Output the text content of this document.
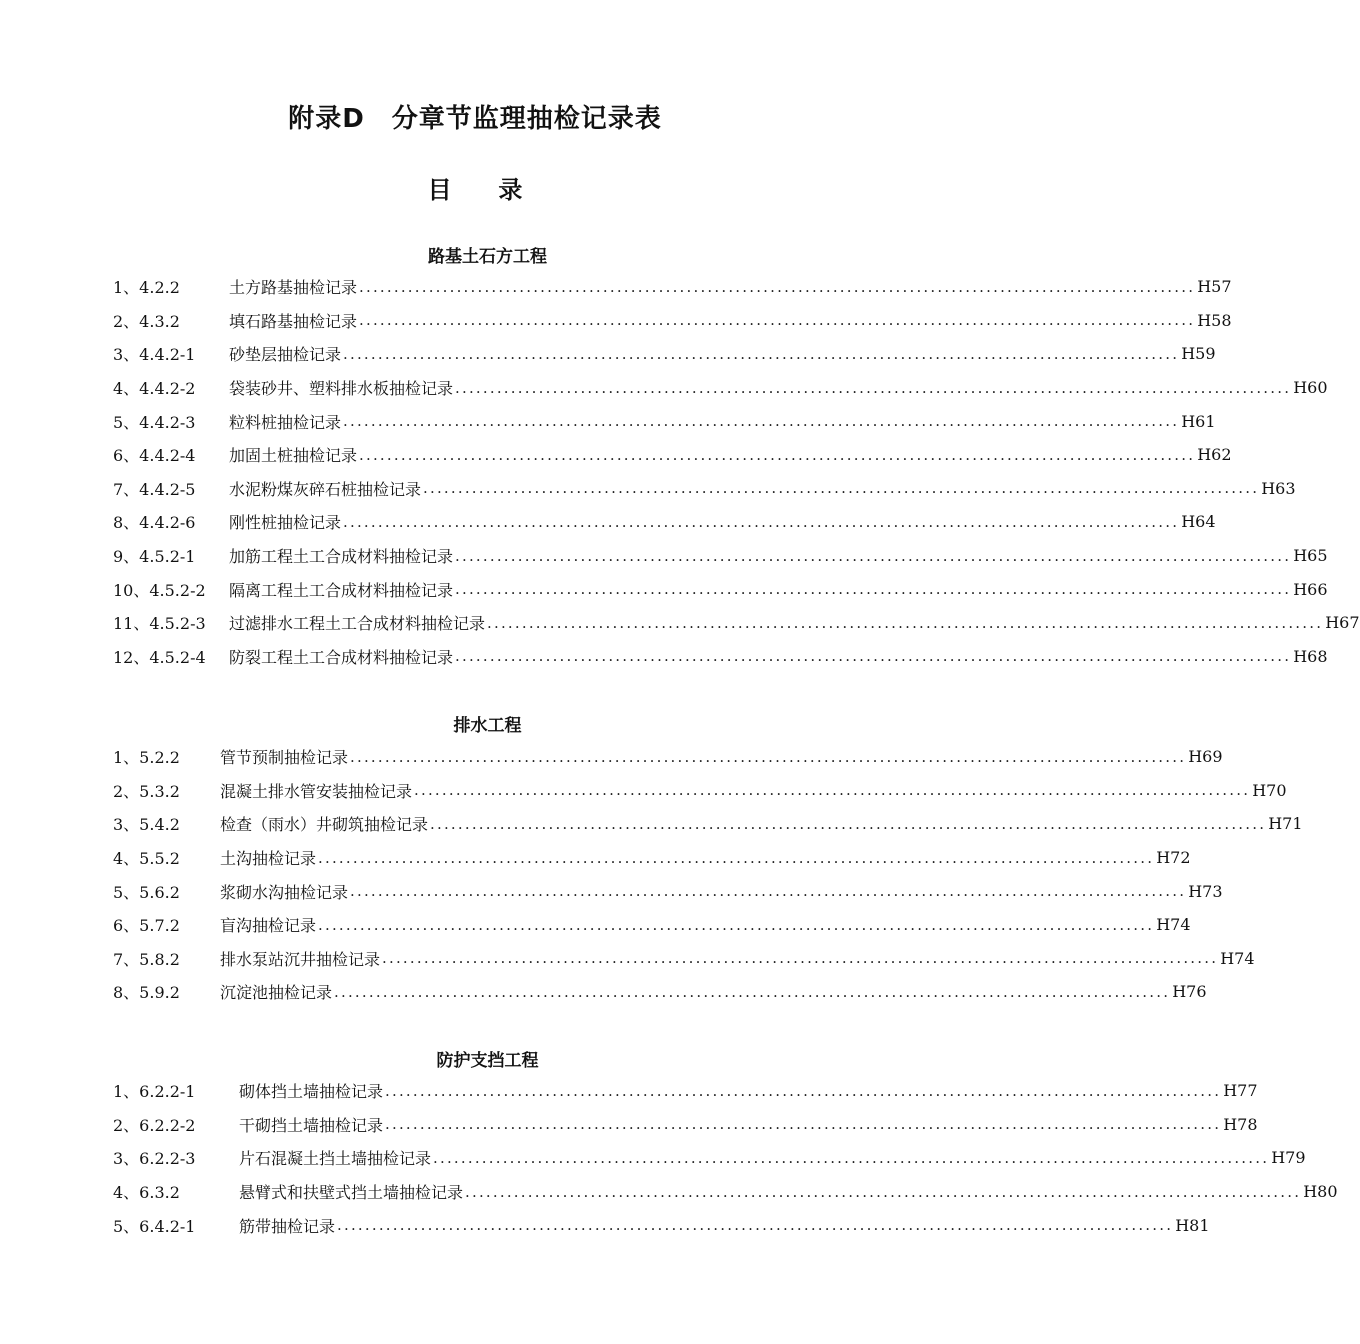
附录D　分章节监理抽检记录表
目 录
路基土石方工程
1、4.2.2	土方路基抽检记录 ........................................................................................................................ H57
2、4.3.2	填石路基抽检记录 ........................................................................................................................ H58
3、4.4.2-1	砂垫层抽检记录 ........................................................................................................................ H59
4、4.4.2-2	袋装砂井、塑料排水板抽检记录 ........................................................................................................................ H60
5、4.4.2-3	粒料桩抽检记录 ........................................................................................................................ H61
6、4.4.2-4	加固土桩抽检记录 ........................................................................................................................ H62
7、4.4.2-5	水泥粉煤灰碎石桩抽检记录 ........................................................................................................................ H63
8、4.4.2-6	刚性桩抽检记录 ........................................................................................................................ H64
9、4.5.2-1	加筋工程土工合成材料抽检记录 ........................................................................................................................ H65
10、4.5.2-2	隔离工程土工合成材料抽检记录 ........................................................................................................................ H66
11、4.5.2-3	过滤排水工程土工合成材料抽检记录 ........................................................................................................................ H67
12、4.5.2-4	防裂工程土工合成材料抽检记录 ........................................................................................................................ H68
排水工程
1、5.2.2	管节预制抽检记录 ........................................................................................................................ H69
2、5.3.2	混凝土排水管安装抽检记录 ........................................................................................................................ H70
3、5.4.2	检查（雨水）井砌筑抽检记录 ........................................................................................................................ H71
4、5.5.2	土沟抽检记录 ........................................................................................................................ H72
5、5.6.2	浆砌水沟抽检记录 ........................................................................................................................ H73
6、5.7.2	盲沟抽检记录 ........................................................................................................................ H74
7、5.8.2	排水泵站沉井抽检记录 ........................................................................................................................ H74
8、5.9.2	沉淀池抽检记录 ........................................................................................................................ H76
防护支挡工程
1、6.2.2-1	砌体挡土墙抽检记录 ........................................................................................................................ H77
2、6.2.2-2	干砌挡土墙抽检记录 ........................................................................................................................ H78
3、6.2.2-3	片石混凝土挡土墙抽检记录 ........................................................................................................................ H79
4、6.3.2	悬臂式和扶壁式挡土墙抽检记录 ........................................................................................................................ H80
5、6.4.2-1	筋带抽检记录 ........................................................................................................................ H81
